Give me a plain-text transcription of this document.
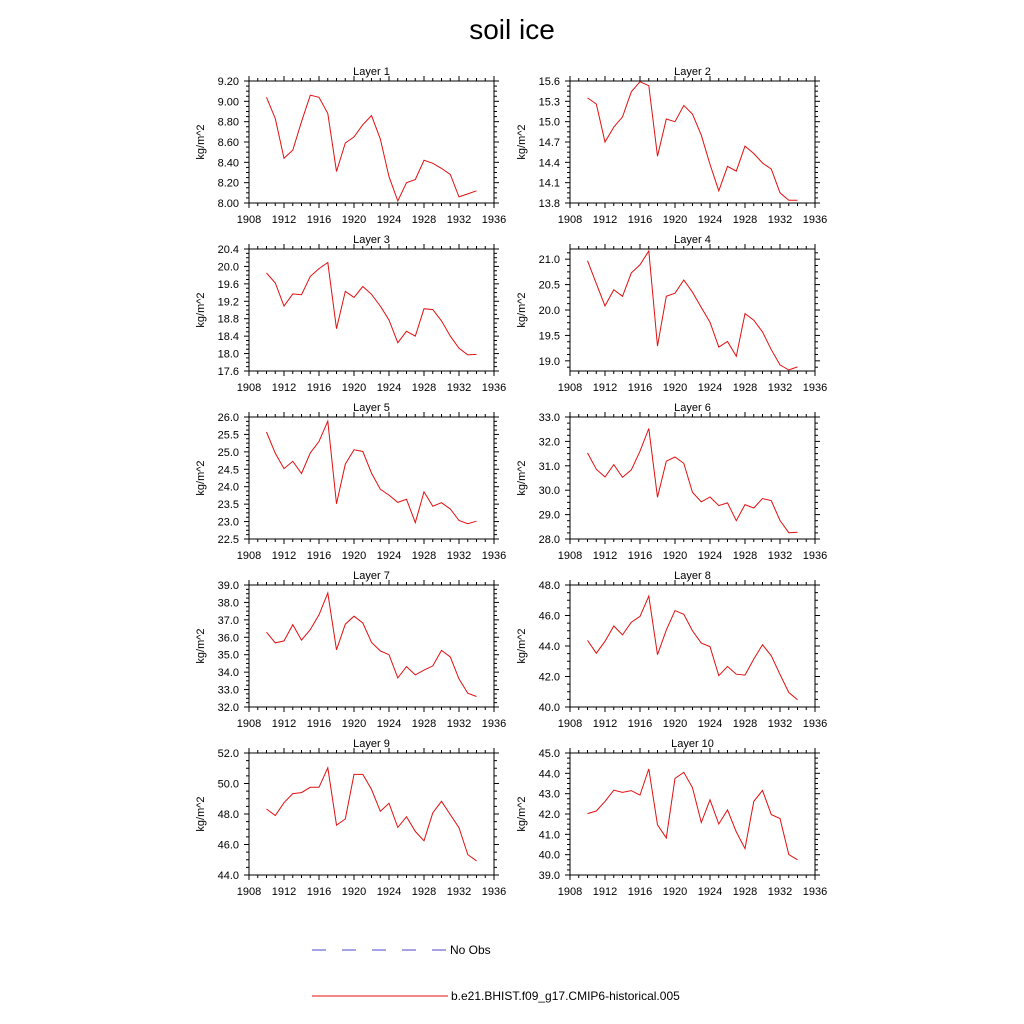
soil ice
Layer 1
kg/m^2
1908 1912 1916 1920 1924 1928 1932 1936
8.00
8.20
8.40
8.60
8.80
9.00
9.20
Layer 2
kg/m^2
1908 1912 1916 1920 1924 1928 1932 1936
13.8
14.1
14.4
14.7
15.0
15.3
15.6
Layer 3
kg/m^2
1908 1912 1916 1920 1924 1928 1932 1936
17.6
18.0
18.4
18.8
19.2
19.6
20.0
20.4
Layer 4
kg/m^2
1908 1912 1916 1920 1924 1928 1932 1936
19.0
19.5
20.0
20.5
21.0
Layer 5
kg/m^2
1908 1912 1916 1920 1924 1928 1932 1936
22.5
23.0
23.5
24.0
24.5
25.0
25.5
26.0
Layer 6
kg/m^2
1908 1912 1916 1920 1924 1928 1932 1936
28.0
29.0
30.0
31.0
32.0
33.0
Layer 7
kg/m^2
1908 1912 1916 1920 1924 1928 1932 1936
32.0
33.0
34.0
35.0
36.0
37.0
38.0
39.0
Layer 8
kg/m^2
1908 1912 1916 1920 1924 1928 1932 1936
40.0
42.0
44.0
46.0
48.0
Layer 9
kg/m^2
1908 1912 1916 1920 1924 1928 1932 1936
44.0
46.0
48.0
50.0
52.0
Layer 10
kg/m^2
1908 1912 1916 1920 1924 1928 1932 1936
39.0
40.0
41.0
42.0
43.0
44.0
45.0
No Obs
b.e21.BHIST.f09_g17.CMIP6-historical.005
